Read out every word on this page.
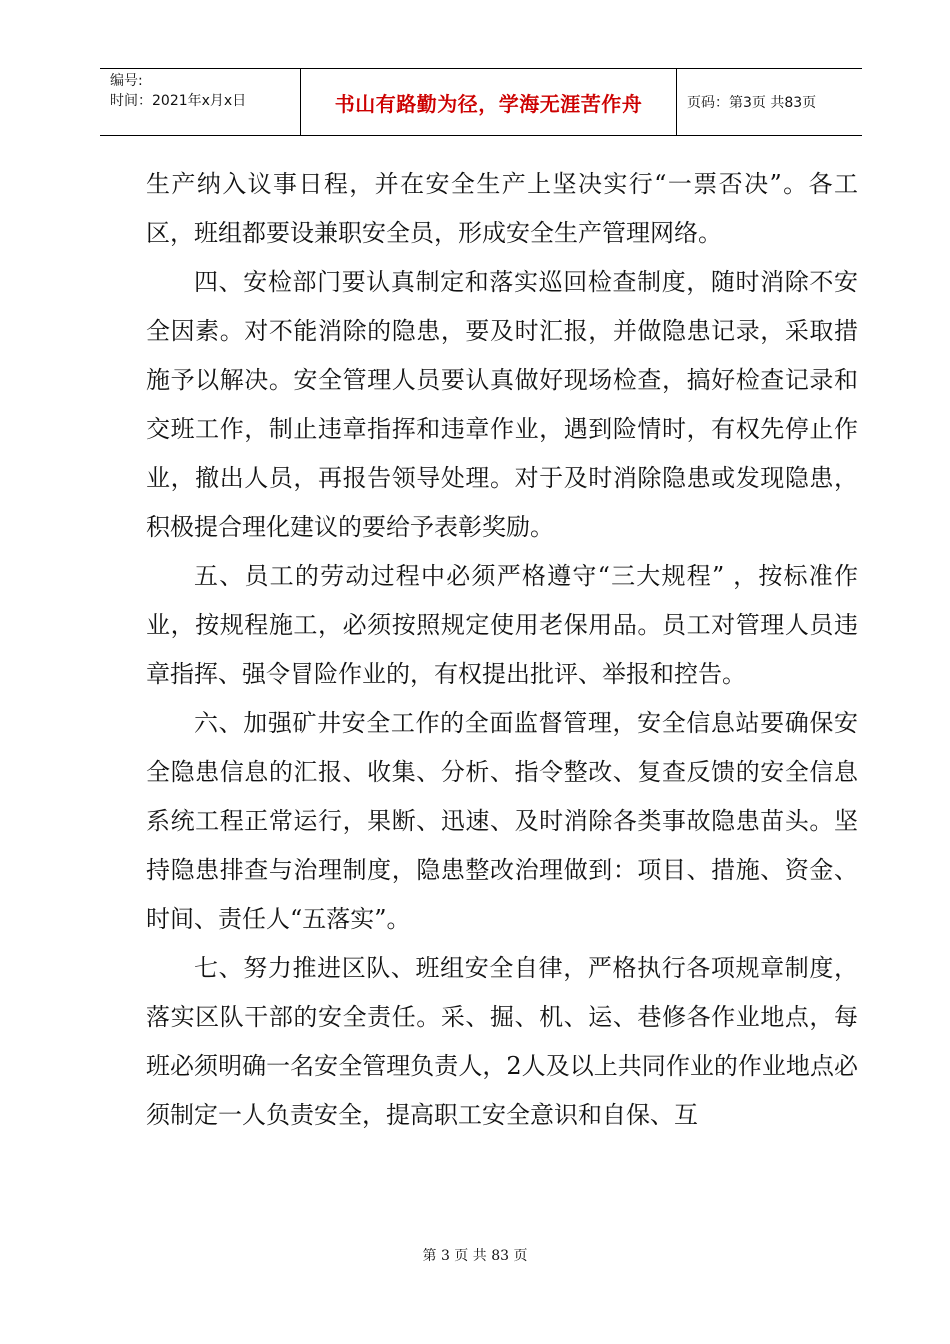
编号:
时间：2021年x月x日	书山有路勤为径，学海无涯苦作舟	页码：第3页 共83页

生产纳入议事日程，并在安全生产上坚决实行“一票否决”。各工区，班组都要设兼职安全员，形成安全生产管理网络。

四、安检部门要认真制定和落实巡回检查制度，随时消除不安全因素。对不能消除的隐患，要及时汇报，并做隐患记录，采取措施予以解决。安全管理人员要认真做好现场检查，搞好检查记录和交班工作，制止违章指挥和违章作业，遇到险情时，有权先停止作业，撤出人员，再报告领导处理。对于及时消除隐患或发现隐患，积极提合理化建议的要给予表彰奖励。

五、员工的劳动过程中必须严格遵守“三大规程” ，按标准作业，按规程施工，必须按照规定使用老保用品。员工对管理人员违章指挥、强令冒险作业的，有权提出批评、举报和控告。

六、加强矿井安全工作的全面监督管理，安全信息站要确保安全隐患信息的汇报、收集、分析、指令整改、复查反馈的安全信息系统工程正常运行，果断、迅速、及时消除各类事故隐患苗头。坚持隐患排查与治理制度，隐患整改治理做到：项目、措施、资金、时间、责任人“五落实”。

七、努力推进区队、班组安全自律，严格执行各项规章制度，落实区队干部的安全责任。采、掘、机、运、巷修各作业地点，每班必须明确一名安全管理负责人，2人及以上共同作业的作业地点必须制定一人负责安全，提高职工安全意识和自保、互

第 3 页 共 83 页
